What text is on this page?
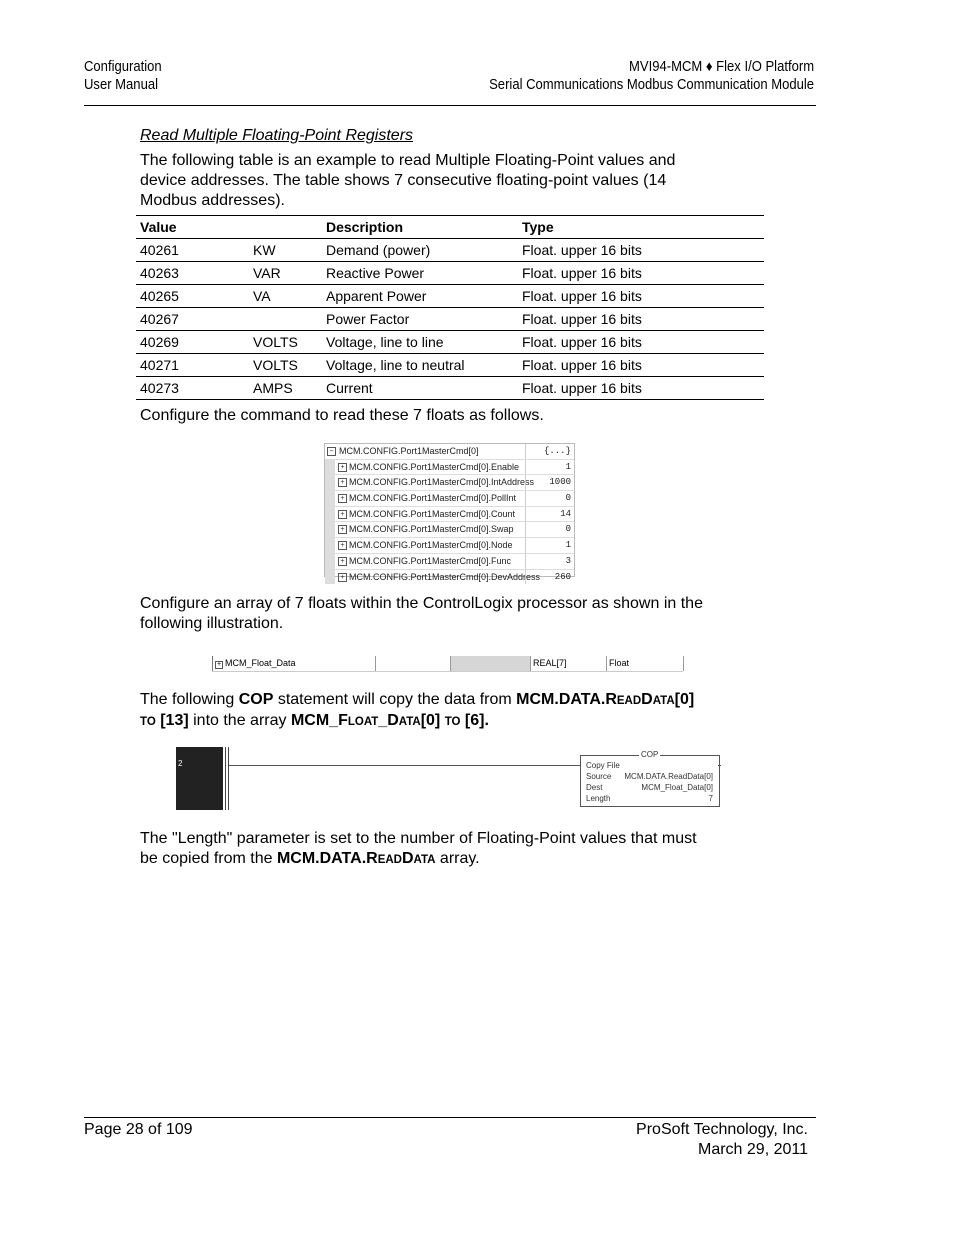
Configuration
User Manual
MVI94-MCM ♦ Flex I/O Platform
Serial Communications Modbus Communication Module
Read Multiple Floating-Point Registers
The following table is an example to read Multiple Floating-Point values and
device addresses. The table shows 7 consecutive floating-point values (14
Modbus addresses).
Value		Description	Type
40261	KW	Demand (power)	Float. upper 16 bits
40263	VAR	Reactive Power	Float. upper 16 bits
40265	VA	Apparent Power	Float. upper 16 bits
40267		Power Factor	Float. upper 16 bits
40269	VOLTS	Voltage, line to line	Float. upper 16 bits
40271	VOLTS	Voltage, line to neutral	Float. upper 16 bits
40273	AMPS	Current	Float. upper 16 bits
Configure the command to read these 7 floats as follows.
− MCM.CONFIG.Port1MasterCmd[0]	{...}
+ MCM.CONFIG.Port1MasterCmd[0].Enable	1
+ MCM.CONFIG.Port1MasterCmd[0].IntAddress	1000
+ MCM.CONFIG.Port1MasterCmd[0].PollInt	0
+ MCM.CONFIG.Port1MasterCmd[0].Count	14
+ MCM.CONFIG.Port1MasterCmd[0].Swap	0
+ MCM.CONFIG.Port1MasterCmd[0].Node	1
+ MCM.CONFIG.Port1MasterCmd[0].Func	3
+ MCM.CONFIG.Port1MasterCmd[0].DevAddress	260
Configure an array of 7 floats within the ControlLogix processor as shown in the
following illustration.
+ MCM_Float_Data	REAL[7]	Float
The following COP statement will copy the data from MCM.DATA.READDATA[0]
TO [13] into the array MCM_FLOAT_DATA[0] TO [6].
2
COP
Copy File
Source MCM.DATA.ReadData[0]
Dest	MCM_Float_Data[0]
Length	7
The "Length" parameter is set to the number of Floating-Point values that must
be copied from the MCM.DATA.READDATA array.
Page 28 of 109	ProSoft Technology, Inc.
March 29, 2011
